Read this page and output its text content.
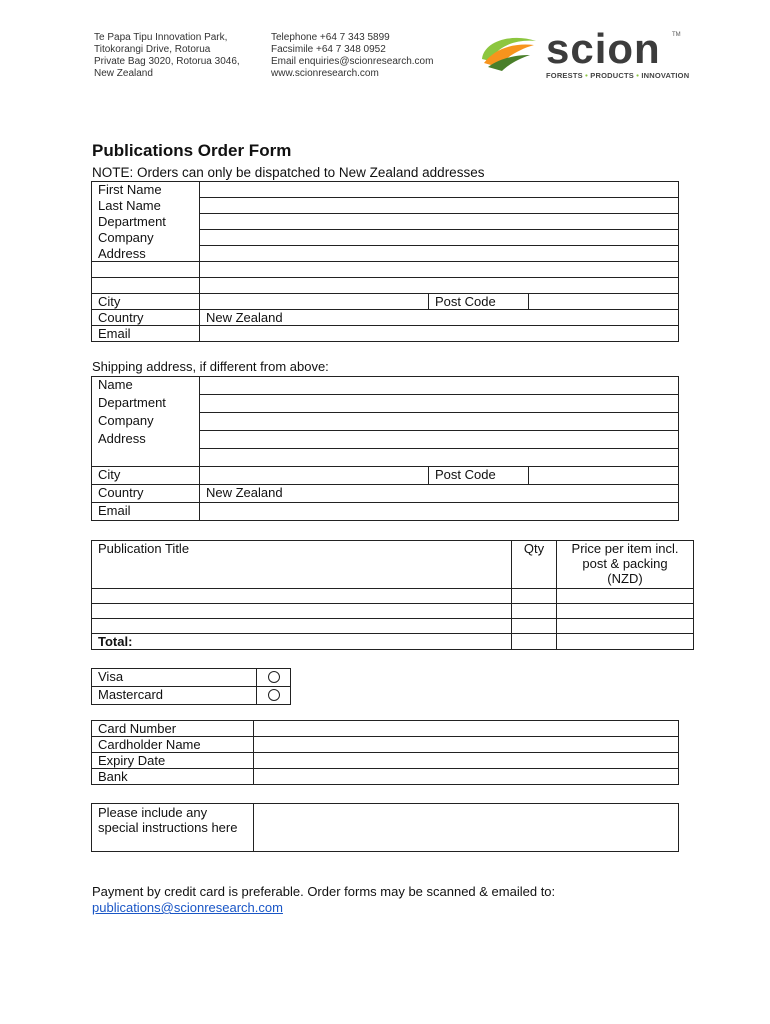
Te Papa Tipu Innovation Park,
Titokorangi Drive, Rotorua
Private Bag 3020, Rotorua 3046,
New Zealand
Telephone +64 7 343 5899
Facsimile +64 7 348 0952
Email enquiries@scionresearch.com
www.scionresearch.com
scion TM
FORESTS • PRODUCTS • INNOVATION
Publications Order Form
NOTE: Orders can only be dispatched to New Zealand addresses
First Name			
Last Name			
Department			
Company			
Address			

City		Post Code	
Country	New Zealand		
Email			
Shipping address, if different from above:
Name			
Department			
Company			
Address			

City		Post Code	
Country	New Zealand		
Email			
Publication Title	Qty	Price per item incl. post & packing (NZD)

Total:		
Visa	
Mastercard	
Card Number	
Cardholder Name	
Expiry Date	
Bank	
Please include any special instructions here	
Payment by credit card is preferable. Order forms may be scanned & emailed to:
publications@scionresearch.com
